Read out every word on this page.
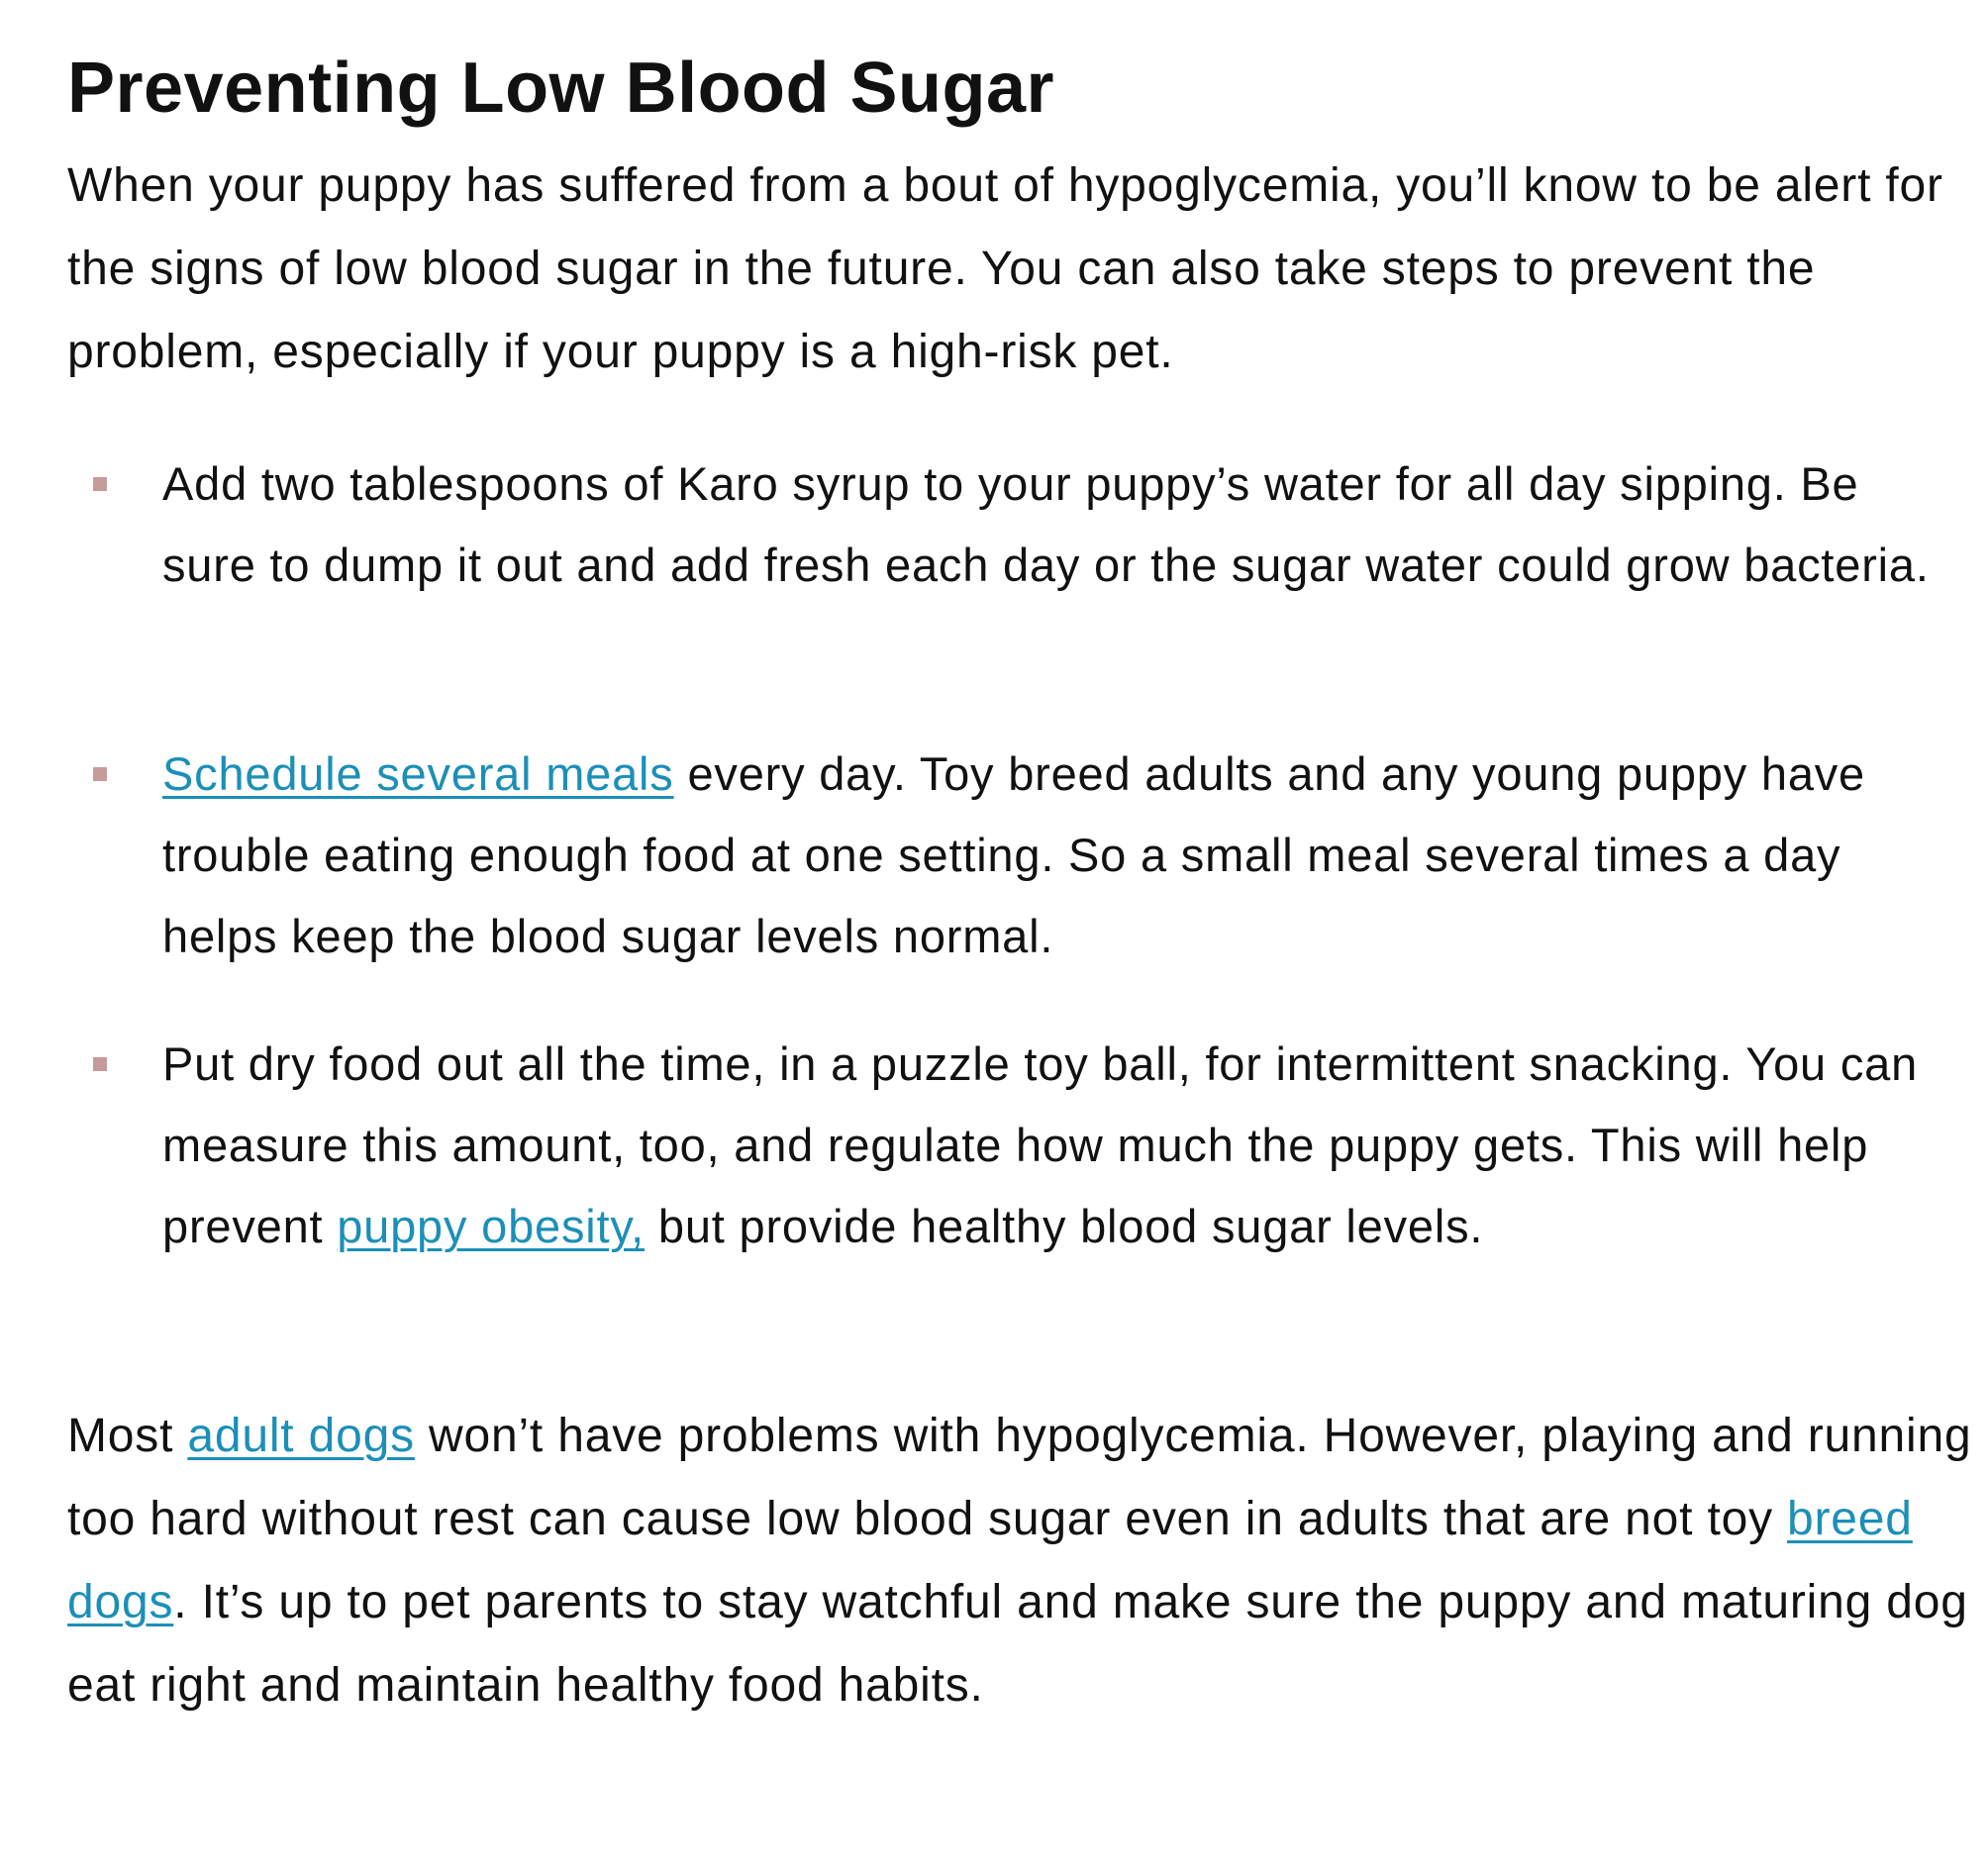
Preventing Low Blood Sugar

When your puppy has suffered from a bout of hypoglycemia, you’ll know to be alert for the signs of low blood sugar in the future. You can also take steps to prevent the problem, especially if your puppy is a high-risk pet.

Add two tablespoons of Karo syrup to your puppy’s water for all day sipping. Be sure to dump it out and add fresh each day or the sugar water could grow bacteria.
Schedule several meals every day. Toy breed adults and any young puppy have trouble eating enough food at one setting. So a small meal several times a day helps keep the blood sugar levels normal.
Put dry food out all the time, in a puzzle toy ball, for intermittent snacking. You can measure this amount, too, and regulate how much the puppy gets. This will help prevent puppy obesity, but provide healthy blood sugar levels.

Most adult dogs won’t have problems with hypoglycemia. However, playing and running too hard without rest can cause low blood sugar even in adults that are not toy breed dogs. It’s up to pet parents to stay watchful and make sure the puppy and maturing dog eat right and maintain healthy food habits.
